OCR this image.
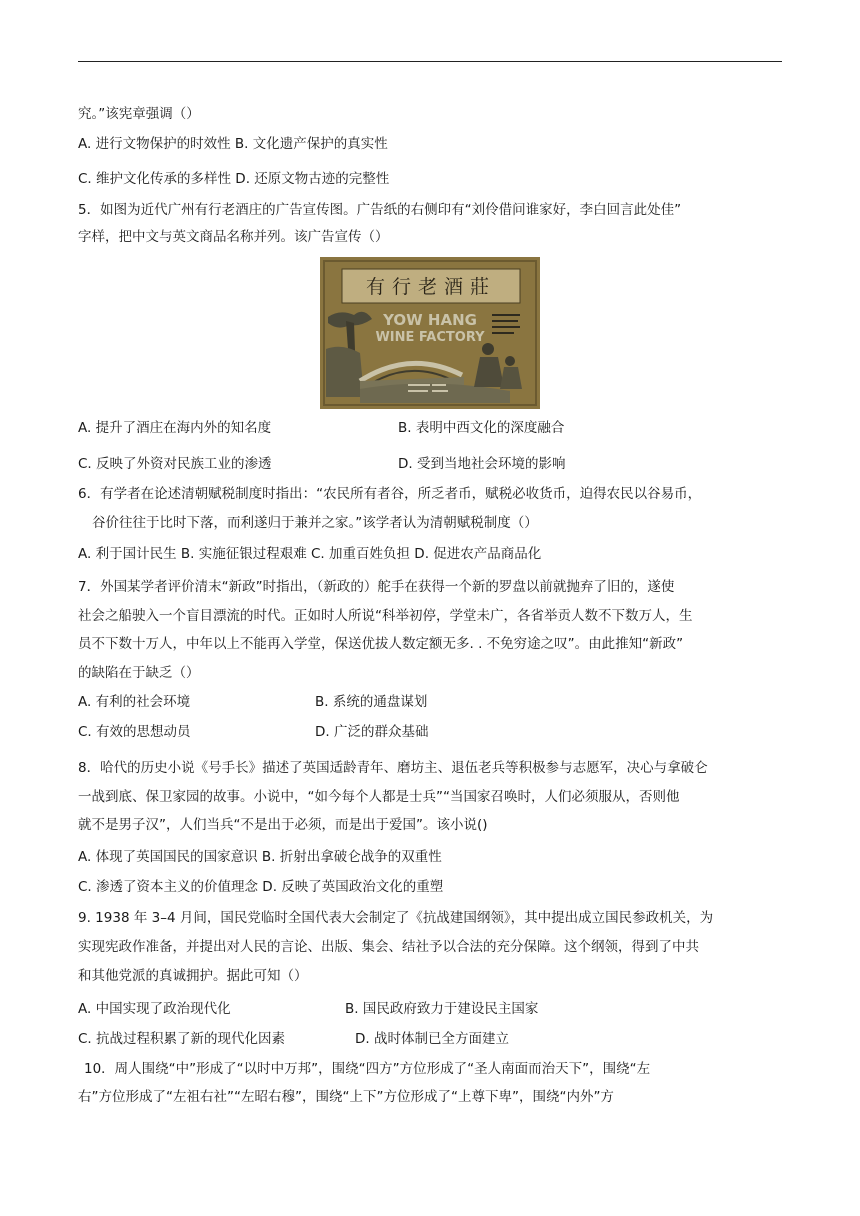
究。”该宪章强调（）
A. 进行文物保护的时效性 B. 文化遗产保护的真实性
C. 维护文化传承的多样性 D. 还原文物古迹的完整性
5．如图为近代广州有行老酒庄的广告宣传图。广告纸的右侧印有“刘伶借问谁家好，李白回言此处佳”
字样，把中文与英文商品名称并列。该广告宣传（）
有行老酒莊
YOW HANG
WINE FACTORY
A. 提升了酒庄在海内外的知名度	B. 表明中西文化的深度融合
C. 反映了外资对民族工业的渗透	D. 受到当地社会环境的影响
6．有学者在论述清朝赋税制度时指出：“农民所有者谷，所乏者币，赋税必收货币，迫得农民以谷易币，
谷价往往于比时下落，而利遂归于兼并之家。”该学者认为清朝赋税制度（）
A. 利于国计民生 B. 实施征银过程艰难 C. 加重百姓负担 D. 促进农产品商品化
7．外国某学者评价清末“新政”时指出，（新政的）舵手在获得一个新的罗盘以前就抛弃了旧的，遂使
社会之船驶入一个盲目漂流的时代。正如时人所说“科举初停，学堂未广，各省举贡人数不下数万人，生
员不下数十万人，中年以上不能再入学堂，保送优拔人数定额无多. . 不免穷途之叹”。由此推知“新政”
的缺陷在于缺乏（）
A. 有利的社会环境	B. 系统的通盘谋划
C. 有效的思想动员	D. 广泛的群众基础
8．哈代的历史小说《号手长》描述了英国适龄青年、磨坊主、退伍老兵等积极参与志愿军，决心与拿破仑
一战到底、保卫家园的故事。小说中，“如今每个人都是士兵”“当国家召唤时，人们必须服从，否则他
就不是男子汉”，人们当兵“不是出于必须，而是出于爱国”。该小说()
A. 体现了英国国民的国家意识 B. 折射出拿破仑战争的双重性
C. 渗透了资本主义的价值理念 D. 反映了英国政治文化的重塑
9. 1938 年 3–4 月间，国民党临时全国代表大会制定了《抗战建国纲领》，其中提出成立国民参政机关，为
实现宪政作准备，并提出对人民的言论、出版、集会、结社予以合法的充分保障。这个纲领，得到了中共
和其他党派的真诚拥护。据此可知（）
A. 中国实现了政治现代化	B. 国民政府致力于建设民主国家
C. 抗战过程积累了新的现代化因素	D. 战时体制已全方面建立
10．周人围绕“中”形成了“以时中万邦”，围绕“四方”方位形成了“圣人南面而治天下”，围绕“左
右”方位形成了“左祖右社”“左昭右穆”，围绕“上下”方位形成了“上尊下卑”，围绕“内外”方
